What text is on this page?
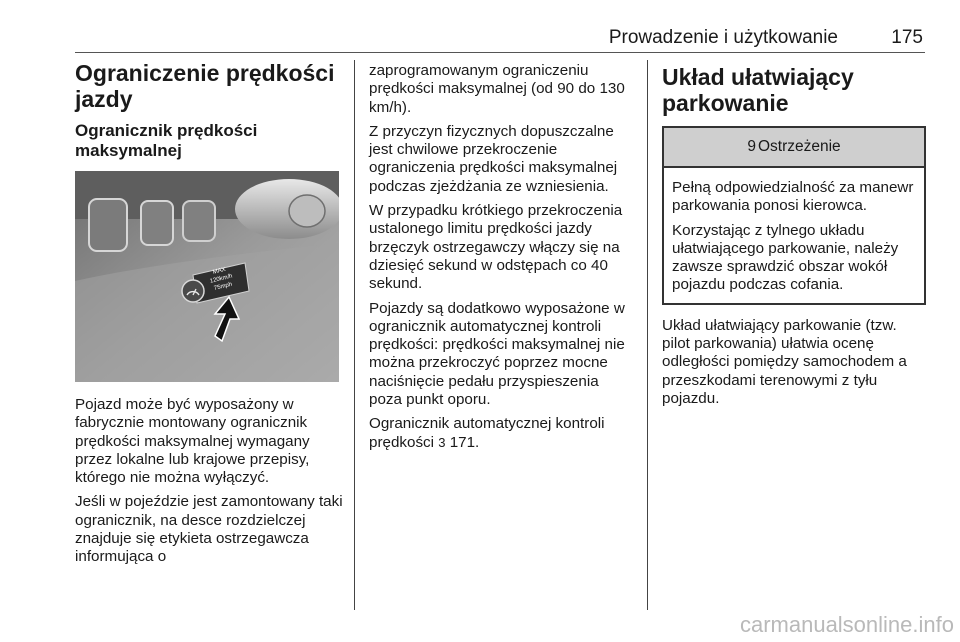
Prowadzenie i użytkowanie	175
Ograniczenie prędkości jazdy
Ogranicznik prędkości maksymalnej
MAX
120km/h
75mph

Pojazd może być wyposażony w fabrycznie montowany ogranicznik prędkości maksymalnej wymagany przez lokalne lub krajowe przepisy, którego nie można wyłączyć.

Jeśli w pojeździe jest zamontowany taki ogranicznik, na desce rozdzielczej znajduje się etykieta ostrzegawcza informująca o

zaprogramowanym ograniczeniu prędkości maksymalnej (od 90 do 130 km/h).

Z przyczyn fizycznych dopuszczalne jest chwilowe przekroczenie ograniczenia prędkości maksymalnej podczas zjeżdżania ze wzniesienia.

W przypadku krótkiego przekroczenia ustalonego limitu prędkości jazdy brzęczyk ostrzegawczy włączy się na dziesięć sekund w odstępach co 40 sekund.

Pojazdy są dodatkowo wyposażone w ogranicznik automatycznej kontroli prędkości: prędkości maksymalnej nie można przekroczyć poprzez mocne naciśnięcie pedału przyspieszenia poza punkt oporu.

Ogranicznik automatycznej kontroli prędkości 3 171.

Układ ułatwiający parkowanie
9 Ostrzeżenie

Pełną odpowiedzialność za manewr parkowania ponosi kierowca.

Korzystając z tylnego układu ułatwiającego parkowanie, należy zawsze sprawdzić obszar wokół pojazdu podczas cofania.

Układ ułatwiający parkowanie (tzw. pilot parkowania) ułatwia ocenę odległości pomiędzy samochodem a przeszkodami terenowymi z tyłu pojazdu.

carmanualsonline.info
